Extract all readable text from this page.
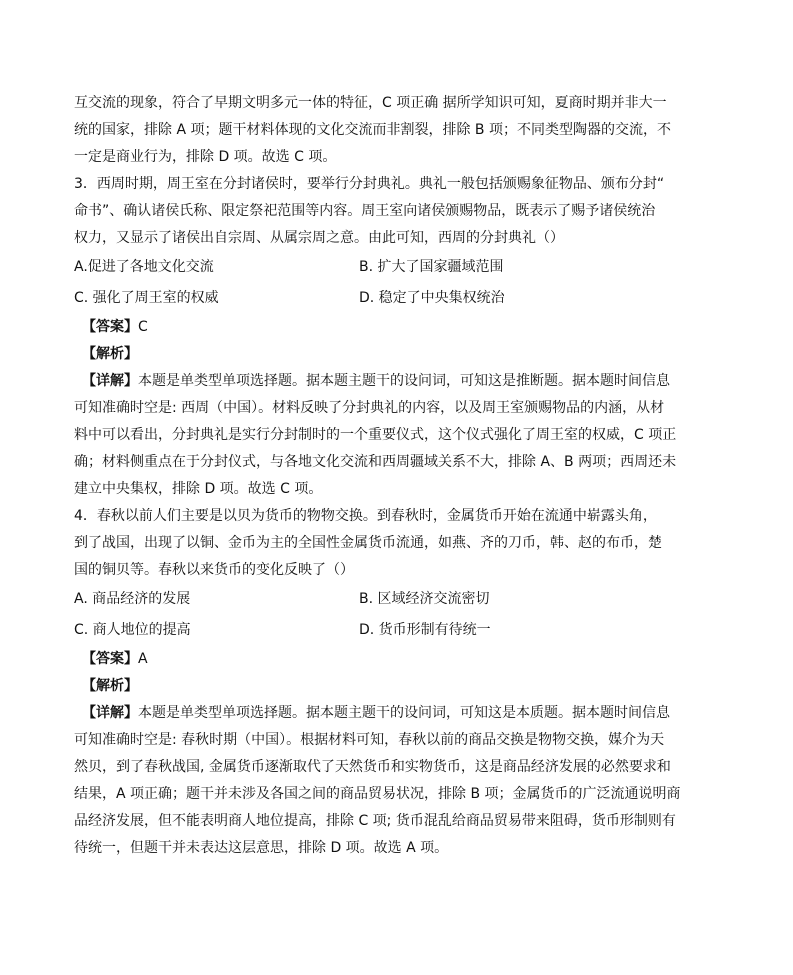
互交流的现象，符合了早期文明多元一体的特征，C 项正确 据所学知识可知，夏商时期并非大一
统的国家，排除 A 项；题干材料体现的文化交流而非割裂，排除 B 项；不同类型陶器的交流，不
一定是商业行为，排除 D 项。故选 C 项。
3．西周时期，周王室在分封诸侯时，要举行分封典礼。典礼一般包括颁赐象征物品、颁布分封“
命书”、确认诸侯氏称、限定祭祀范围等内容。周王室向诸侯颁赐物品，既表示了赐予诸侯统治
权力，又显示了诸侯出自宗周、从属宗周之意。由此可知，西周的分封典礼（）
A.促进了各地文化交流	B. 扩大了国家疆域范围
C. 强化了周王室的权威	D. 稳定了中央集权统治
【答案】C
【解析】
【详解】本题是单类型单项选择题。据本题主题干的设问词，可知这是推断题。据本题时间信息
可知准确时空是: 西周（中国）。材料反映了分封典礼的内容，以及周王室颁赐物品的内涵，从材
料中可以看出，分封典礼是实行分封制时的一个重要仪式，这个仪式强化了周王室的权威，C 项正
确；材料侧重点在于分封仪式，与各地文化交流和西周疆域关系不大，排除 A、B 两项；西周还未
建立中央集权，排除 D 项。故选 C 项。
4．春秋以前人们主要是以贝为货币的物物交换。到春秋时，金属货币开始在流通中崭露头角，
到了战国，出现了以铜、金币为主的全国性金属货币流通，如燕、齐的刀币，韩、赵的布币，楚
国的铜贝等。春秋以来货币的变化反映了（）
A. 商品经济的发展	B. 区域经济交流密切
C. 商人地位的提高	D. 货币形制有待统一
【答案】A
【解析】
【详解】本题是单类型单项选择题。据本题主题干的设问词，可知这是本质题。据本题时间信息
可知准确时空是: 春秋时期（中国）。根据材料可知，春秋以前的商品交换是物物交换，媒介为天
然贝，到了春秋战国, 金属货币逐渐取代了天然货币和实物货币，这是商品经济发展的必然要求和
结果，A 项正确；题干并未涉及各国之间的商品贸易状况，排除 B 项；金属货币的广泛流通说明商
品经济发展，但不能表明商人地位提高，排除 C 项; 货币混乱给商品贸易带来阻碍，货币形制则有
待统一，但题干并未表达这层意思，排除 D 项。故选 A 项。
